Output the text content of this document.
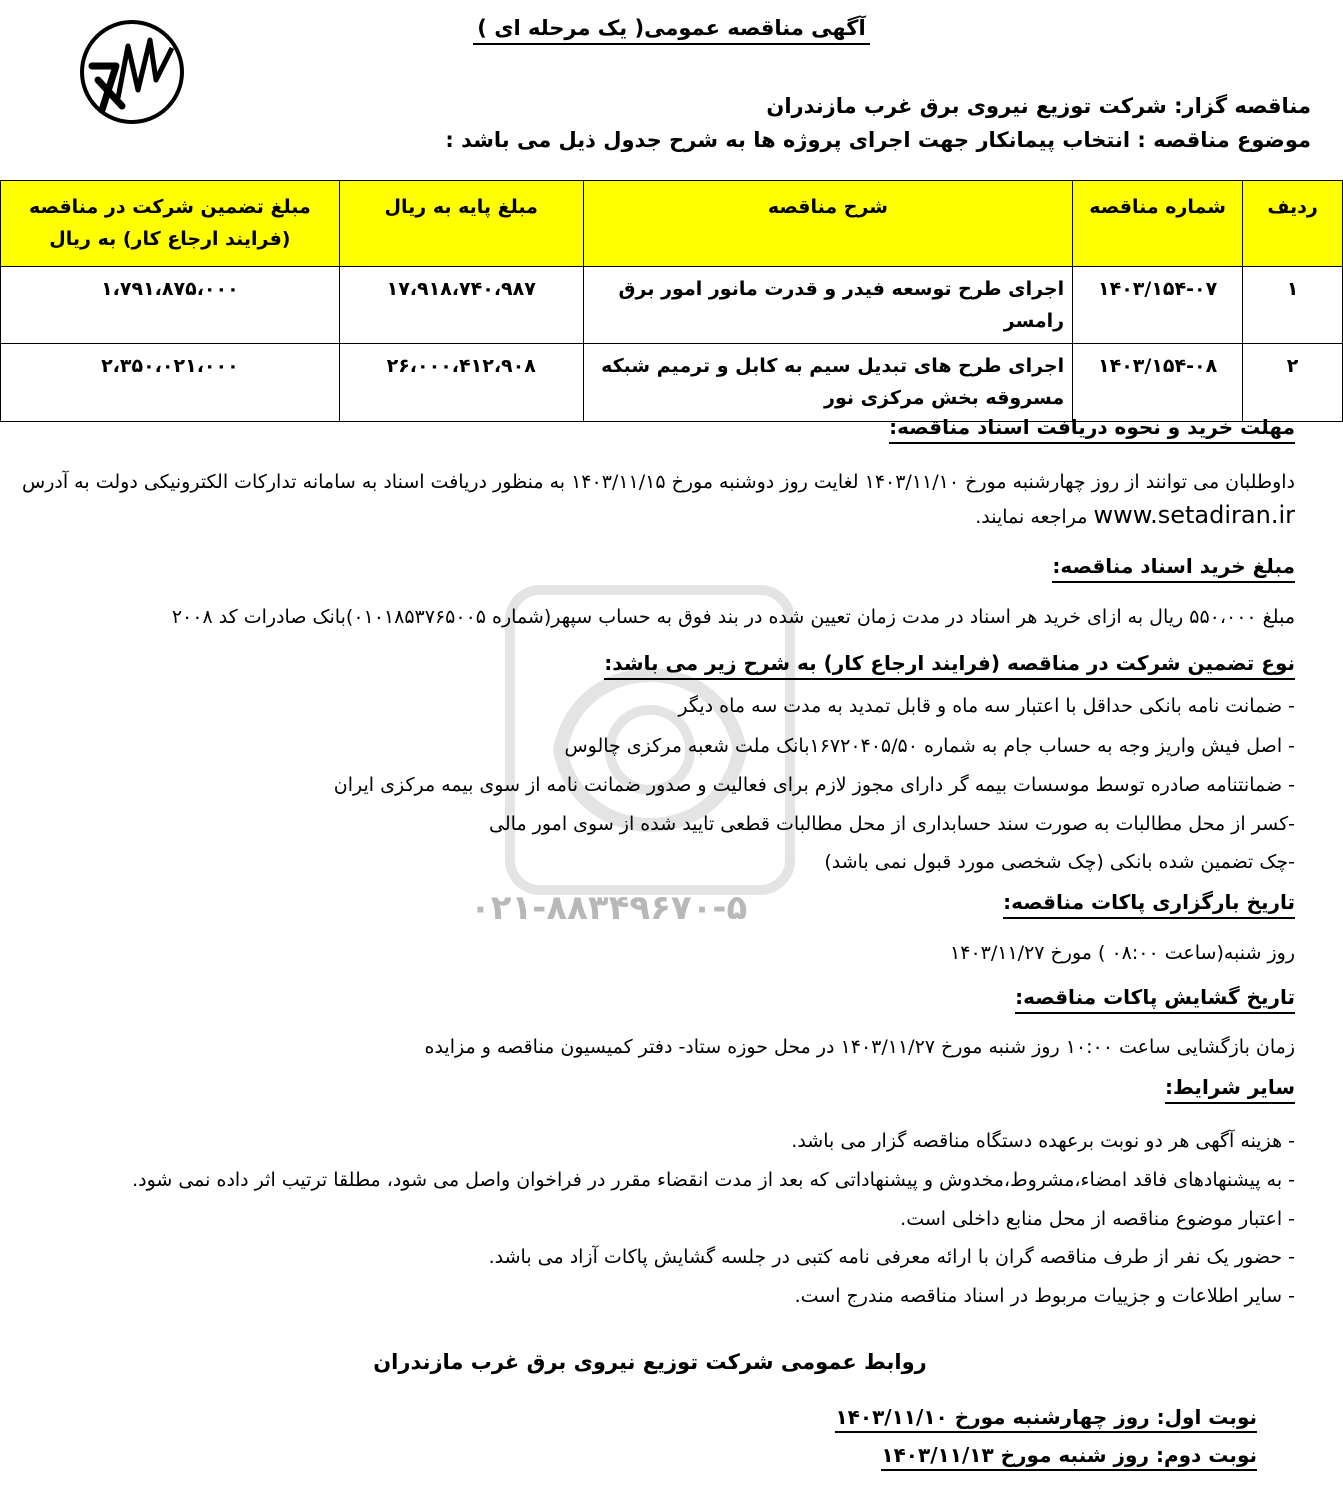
آگهی مناقصه عمومی( یک مرحله ای )
مناقصه گزار: شرکت توزیع نیروی برق غرب مازندران
موضوع مناقصه : انتخاب پیمانکار جهت اجرای پروژه ها به شرح جدول ذیل می باشد :
ردیف	شماره مناقصه	شرح مناقصه	مبلغ پایه به ریال	مبلغ تضمین شرکت در مناقصه
(فرایند ارجاع کار) به ریال

۱	۱۴۰۳/۱۵۴-۰۷	اجرای طرح توسعه فیدر و قدرت مانور امور برق رامسر	۱۷،۹۱۸،۷۴۰،۹۸۷	۱،۷۹۱،۸۷۵،۰۰۰
۲	۱۴۰۳/۱۵۴-۰۸	اجرای طرح های تبدیل سیم به کابل و ترمیم شبکه مسروقه بخش مرکزی نور	۲۶،۰۰۰،۴۱۲،۹۰۸	۲،۳۵۰،۰۲۱،۰۰۰
۰۲۱-۸۸۳۴۹۶۷۰-۵
مهلت خرید و نحوه دریافت اسناد مناقصه:
داوطلبان می توانند از روز چهارشنبه مورخ ۱۴۰۳/۱۱/۱۰ لغایت روز دوشنبه مورخ ۱۴۰۳/۱۱/۱۵ به منظور دریافت اسناد به سامانه تدارکات الکترونیکی دولت به آدرس www.setadiran.ir مراجعه نمایند.
مبلغ خرید اسناد مناقصه:
مبلغ ۵۵۰،۰۰۰ ریال به ازای خرید هر اسناد در مدت زمان تعیین شده در بند فوق به حساب سپهر(شماره ۰۱۰۱۸۵۳۷۶۵۰۰۵)بانک صادرات کد ۲۰۰۸
نوع تضمین شرکت در مناقصه (فرایند ارجاع کار) به شرح زیر می باشد:
- ضمانت نامه بانکی حداقل با اعتبار سه ماه و قابل تمدید به مدت سه ماه دیگر
- اصل فیش واریز وجه به حساب جام به شماره ۱۶۷۲۰۴۰۵/۵۰بانک ملت شعبه مرکزی چالوس
- ضمانتنامه صادره توسط موسسات بیمه گر دارای مجوز لازم برای فعالیت و صدور ضمانت نامه از سوی بیمه مرکزی ایران
-کسر از محل مطالبات به صورت سند حسابداری از محل مطالبات قطعی تایید شده از سوی امور مالی
-چک تضمین شده بانکی (چک شخصی مورد قبول نمی باشد)
تاریخ بارگزاری پاکات مناقصه:
روز شنبه(ساعت ۰۸:۰۰ ) مورخ ۱۴۰۳/۱۱/۲۷
تاریخ گشایش پاکات مناقصه:
زمان بازگشایی ساعت ۱۰:۰۰ روز شنبه مورخ ۱۴۰۳/۱۱/۲۷ در محل حوزه ستاد- دفتر کمیسیون مناقصه و مزایده
سایر شرایط:
- هزینه آگهی هر دو نوبت برعهده دستگاه مناقصه گزار می باشد.
- به پیشنهادهای فاقد امضاء،مشروط،مخدوش و پیشنهاداتی که بعد از مدت انقضاء مقرر در فراخوان واصل می شود، مطلقا ترتیب اثر داده نمی شود.
- اعتبار موضوع مناقصه از محل منابع داخلی است.
- حضور یک نفر از طرف مناقصه گران با ارائه معرفی نامه کتبی در جلسه گشایش پاکات آزاد می باشد.
- سایر اطلاعات و جزییات مربوط در اسناد مناقصه مندرج است.
روابط عمومی شرکت توزیع نیروی برق غرب مازندران
نوبت اول: روز چهارشنبه مورخ ۱۴۰۳/۱۱/۱۰
نوبت دوم: روز شنبه مورخ ۱۴۰۳/۱۱/۱۳
